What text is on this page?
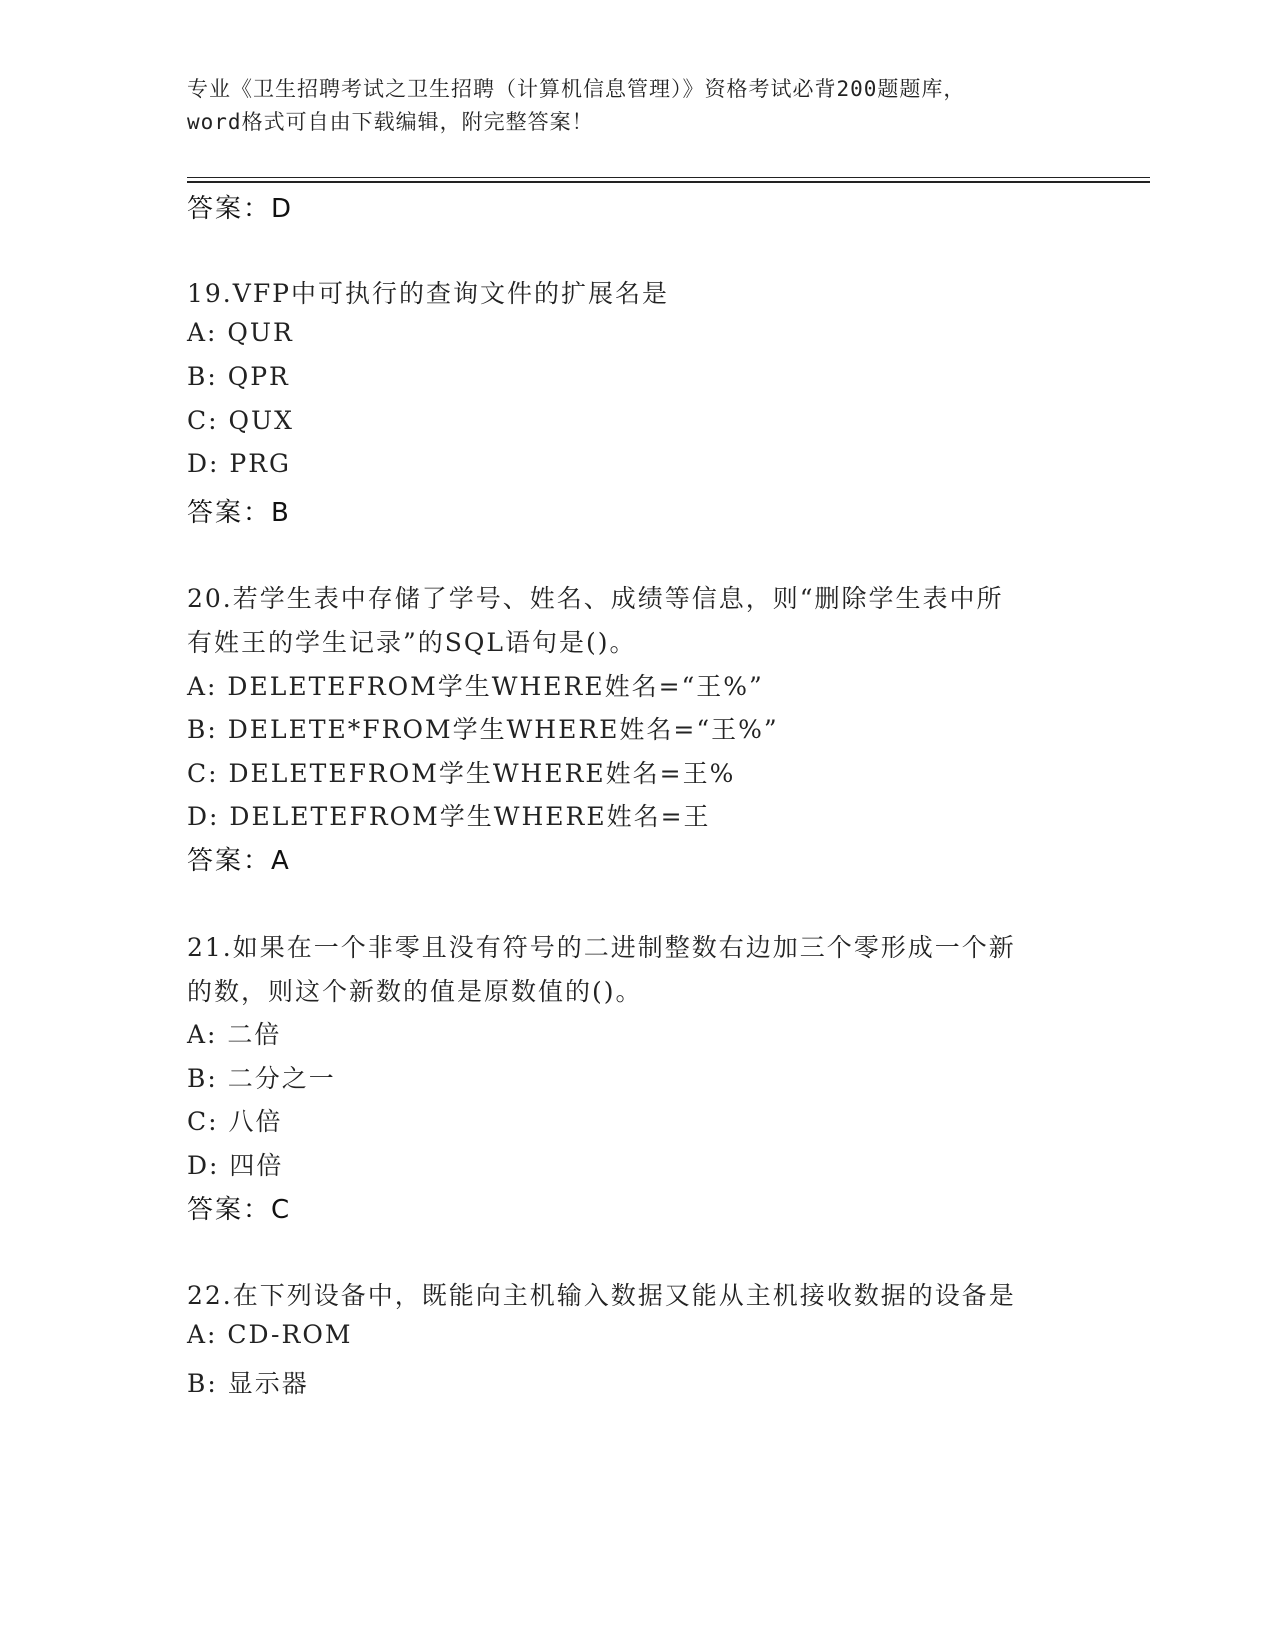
专业《卫生招聘考试之卫生招聘（计算机信息管理）》资格考试必背200题题库，
word格式可自由下载编辑，附完整答案！
答案：D
19.VFP中可执行的查询文件的扩展名是
A: QUR
B: QPR
C: QUX
D: PRG
答案：B
20.若学生表中存储了学号、姓名、成绩等信息，则“删除学生表中所
有姓王的学生记录”的SQL语句是()。
A: DELETEFROM学生WHERE姓名=“王%”
B: DELETE*FROM学生WHERE姓名=“王%”
C: DELETEFROM学生WHERE姓名=王%
D: DELETEFROM学生WHERE姓名=王
答案：A
21.如果在一个非零且没有符号的二进制整数右边加三个零形成一个新
的数，则这个新数的值是原数值的()。
A: 二倍
B: 二分之一
C: 八倍
D: 四倍
答案：C
22.在下列设备中，既能向主机输入数据又能从主机接收数据的设备是
A: CD-ROM
B: 显示器
